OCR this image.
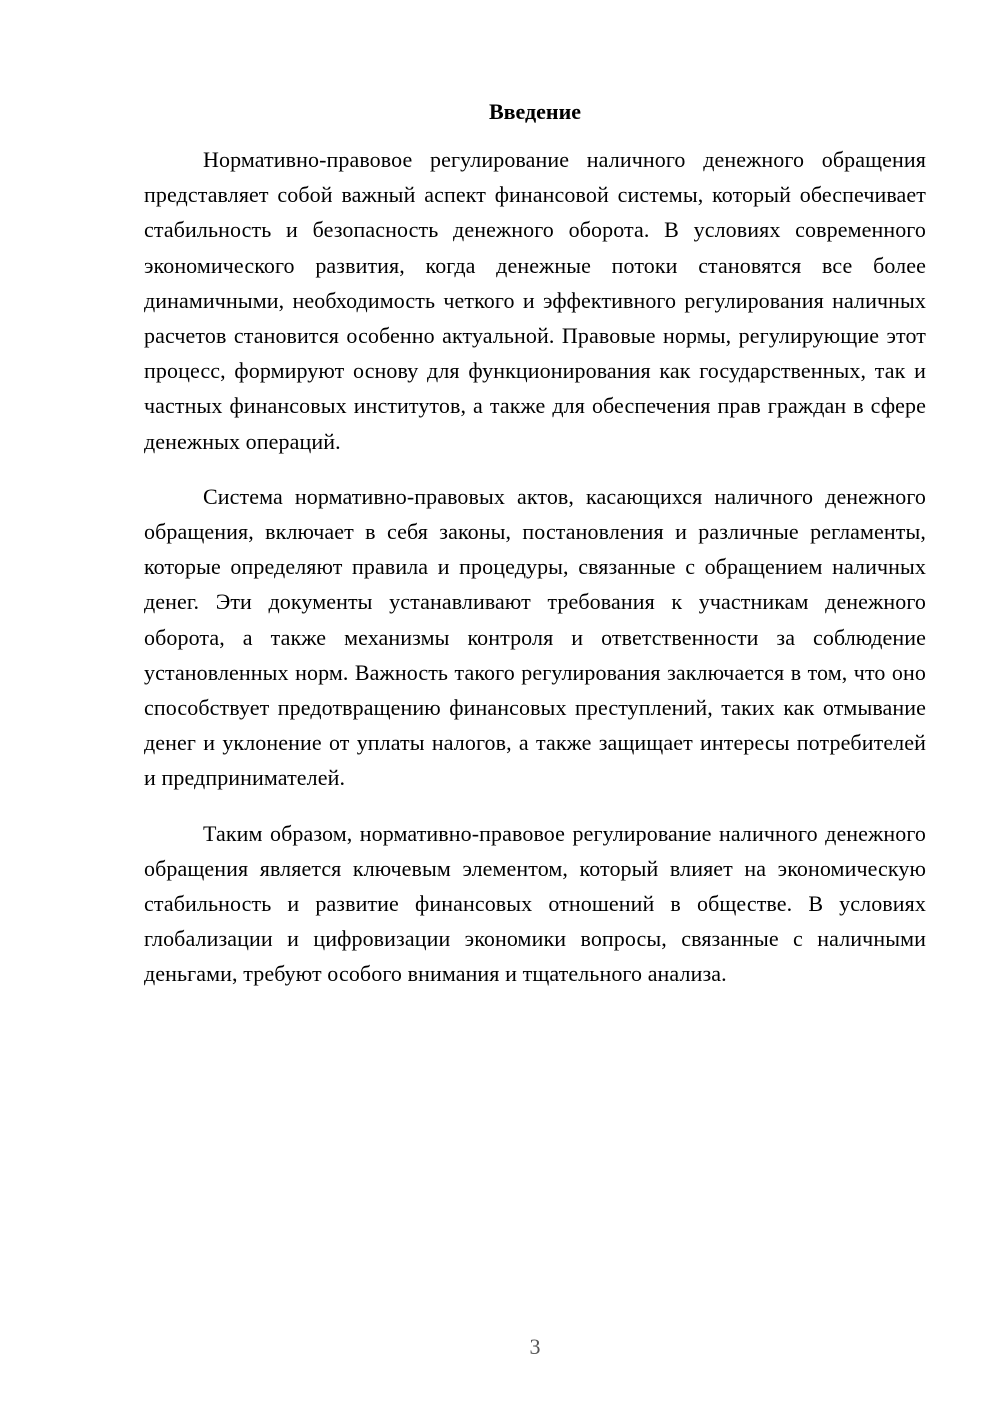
Введение

Нормативно-правовое регулирование наличного денежного обращения представляет собой важный аспект финансовой системы, который обеспечивает стабильность и безопасность денежного оборота. В условиях современного экономического развития, когда денежные потоки становятся все более динамичными, необходимость четкого и эффективного регулирования наличных расчетов становится особенно актуальной. Правовые нормы, регулирующие этот процесс, формируют основу для функционирования как государственных, так и частных финансовых институтов, а также для обеспечения прав граждан в сфере денежных операций.

Система нормативно-правовых актов, касающихся наличного денежного обращения, включает в себя законы, постановления и различные регламенты, которые определяют правила и процедуры, связанные с обращением наличных денег. Эти документы устанавливают требования к участникам денежного оборота, а также механизмы контроля и ответственности за соблюдение установленных норм. Важность такого регулирования заключается в том, что оно способствует предотвращению финансовых преступлений, таких как отмывание денег и уклонение от уплаты налогов, а также защищает интересы потребителей и предпринимателей.

Таким образом, нормативно-правовое регулирование наличного денежного обращения является ключевым элементом, который влияет на экономическую стабильность и развитие финансовых отношений в обществе. В условиях глобализации и цифровизации экономики вопросы, связанные с наличными деньгами, требуют особого внимания и тщательного анализа.

3
